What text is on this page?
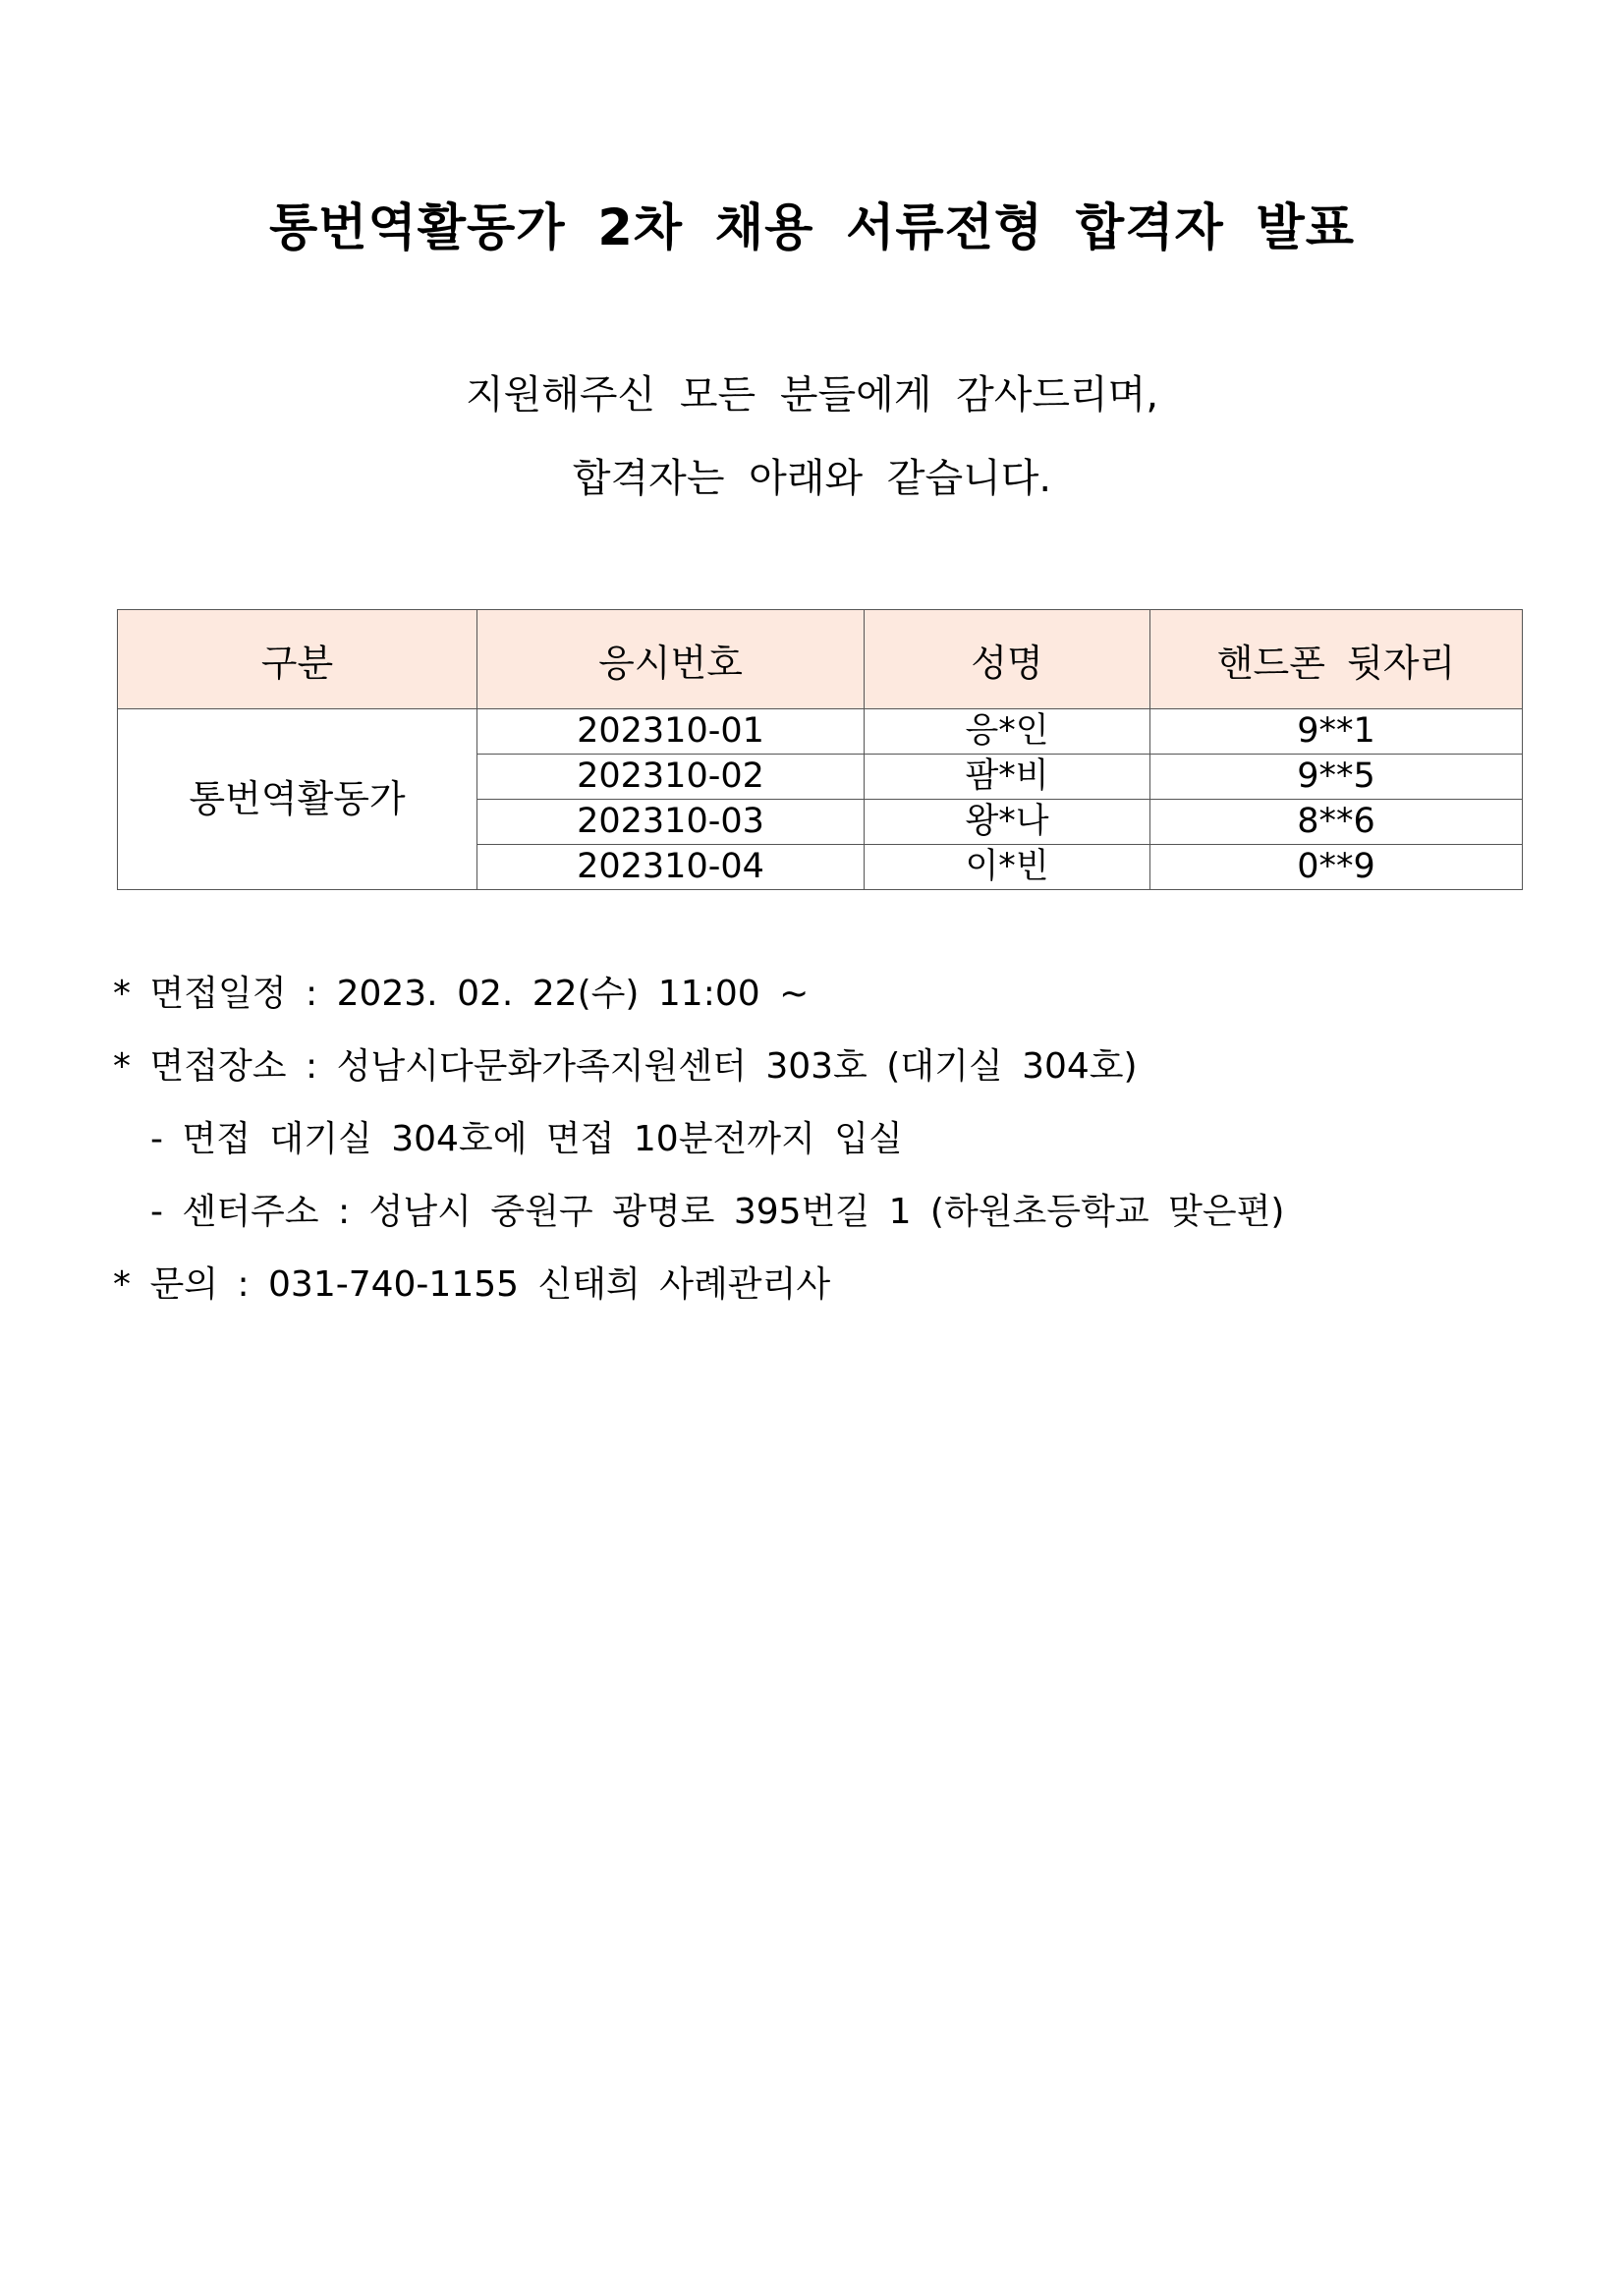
통번역활동가 2차 채용 서류전형 합격자 발표
지원해주신 모든 분들에게 감사드리며,
합격자는 아래와 같습니다.
구분	응시번호	성명	핸드폰 뒷자리
통번역활동가	202310-01	응*인	9**1
	202310-02	팜*비	9**5
	202310-03	왕*나	8**6
	202310-04	이*빈	0**9
* 면접일정 : 2023. 02. 22(수) 11:00 ~
* 면접장소 : 성남시다문화가족지원센터 303호 (대기실 304호)
- 면접 대기실 304호에 면접 10분전까지 입실
- 센터주소 : 성남시 중원구 광명로 395번길 1 (하원초등학교 맞은편)
* 문의 : 031-740-1155 신태희 사례관리사
